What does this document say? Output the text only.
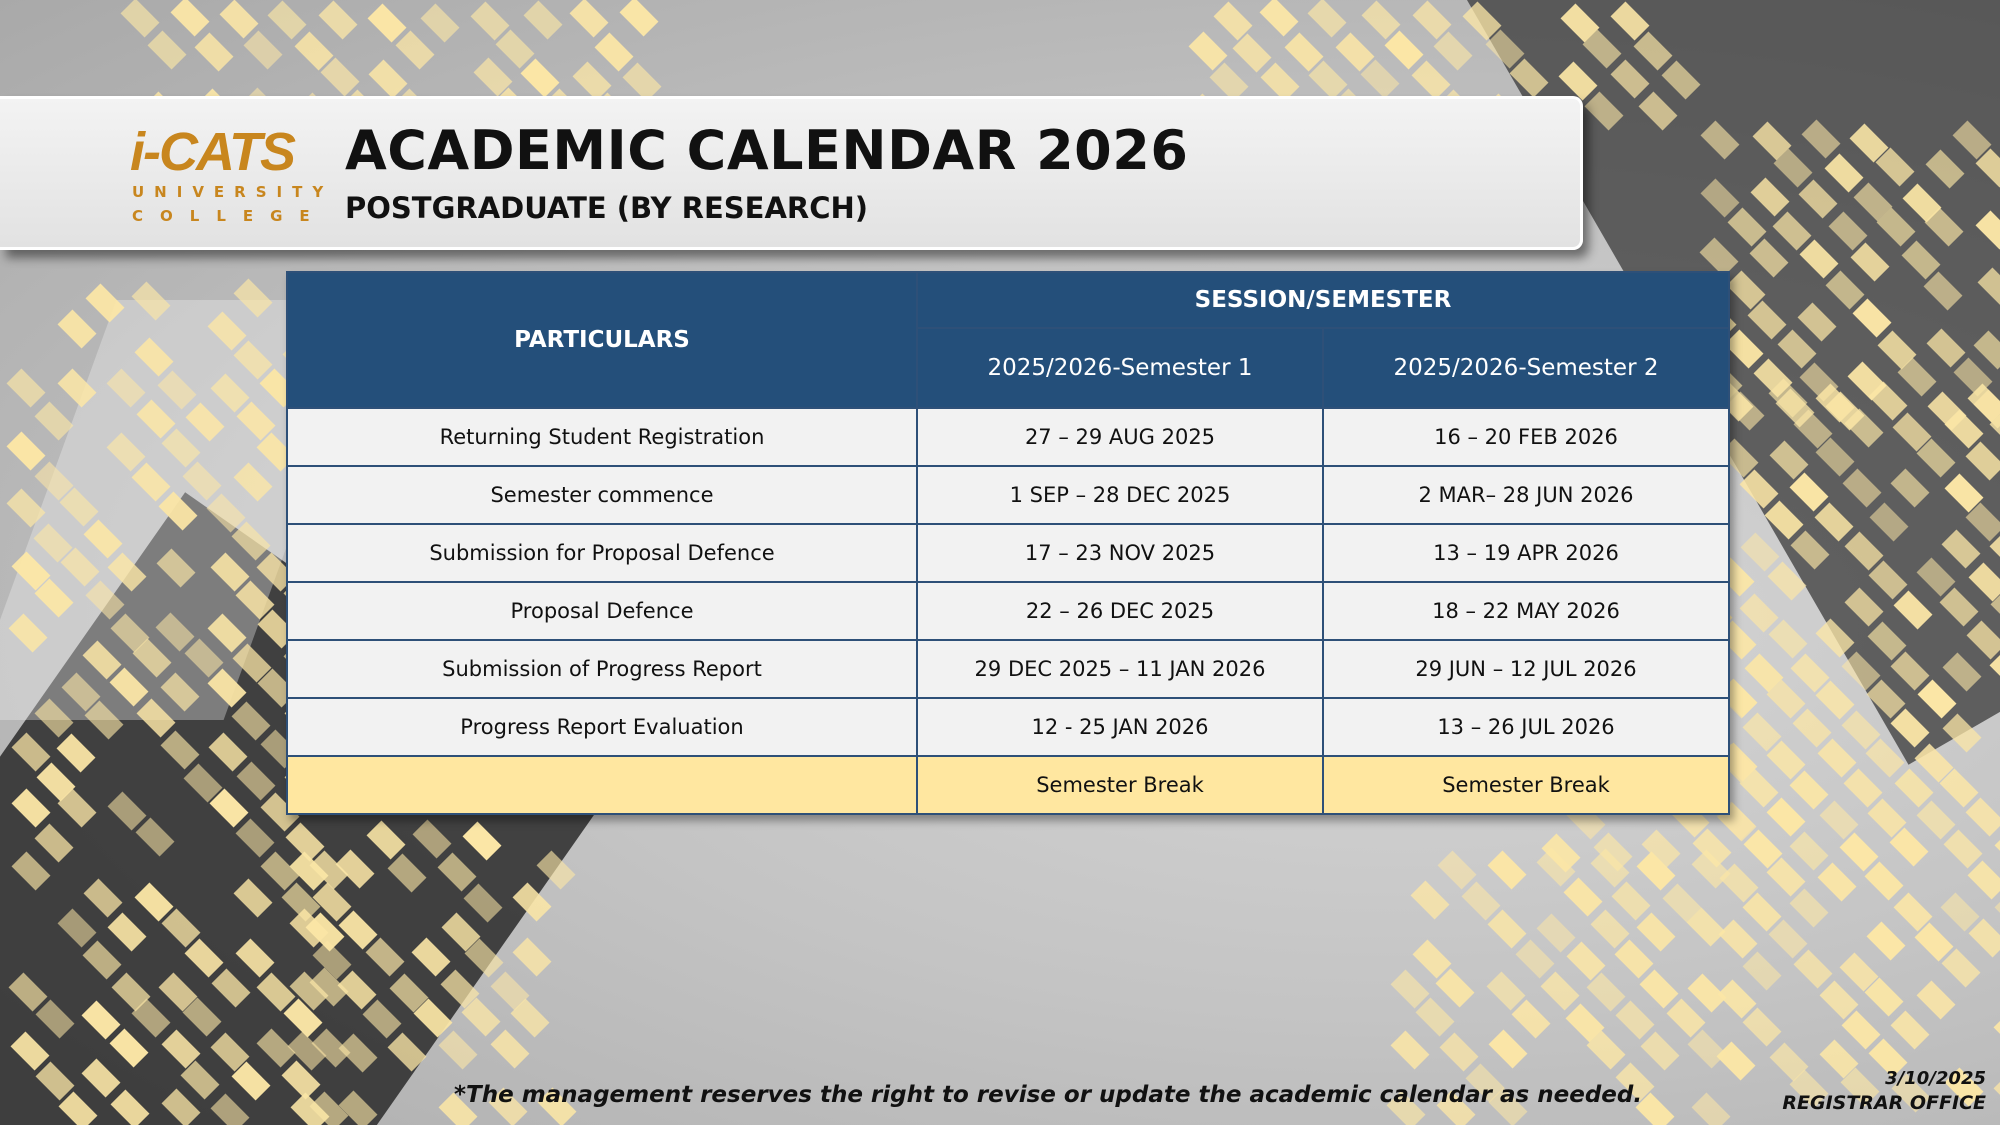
i-CATS
UNIVERSITY
COLLEGE
ACADEMIC CALENDAR 2026
POSTGRADUATE (BY RESEARCH)
PARTICULARS	SESSION/SEMESTER	
	2025/2026-Semester 1	2025/2026-Semester 2
Returning Student Registration	27 – 29 AUG 2025	16 – 20 FEB 2026
Semester commence	1 SEP – 28 DEC 2025	2 MAR– 28 JUN 2026
Submission for Proposal Defence	17 – 23 NOV 2025	13 – 19 APR 2026
Proposal Defence	22 – 26 DEC 2025	18 – 22 MAY 2026
Submission of Progress Report	29 DEC 2025 – 11 JAN 2026	29 JUN – 12 JUL 2026
Progress Report Evaluation	12 - 25 JAN 2026	13 – 26 JUL 2026
	Semester Break	Semester Break
*The management reserves the right to revise or update the academic calendar as needed.
3/10/2025
REGISTRAR OFFICE
